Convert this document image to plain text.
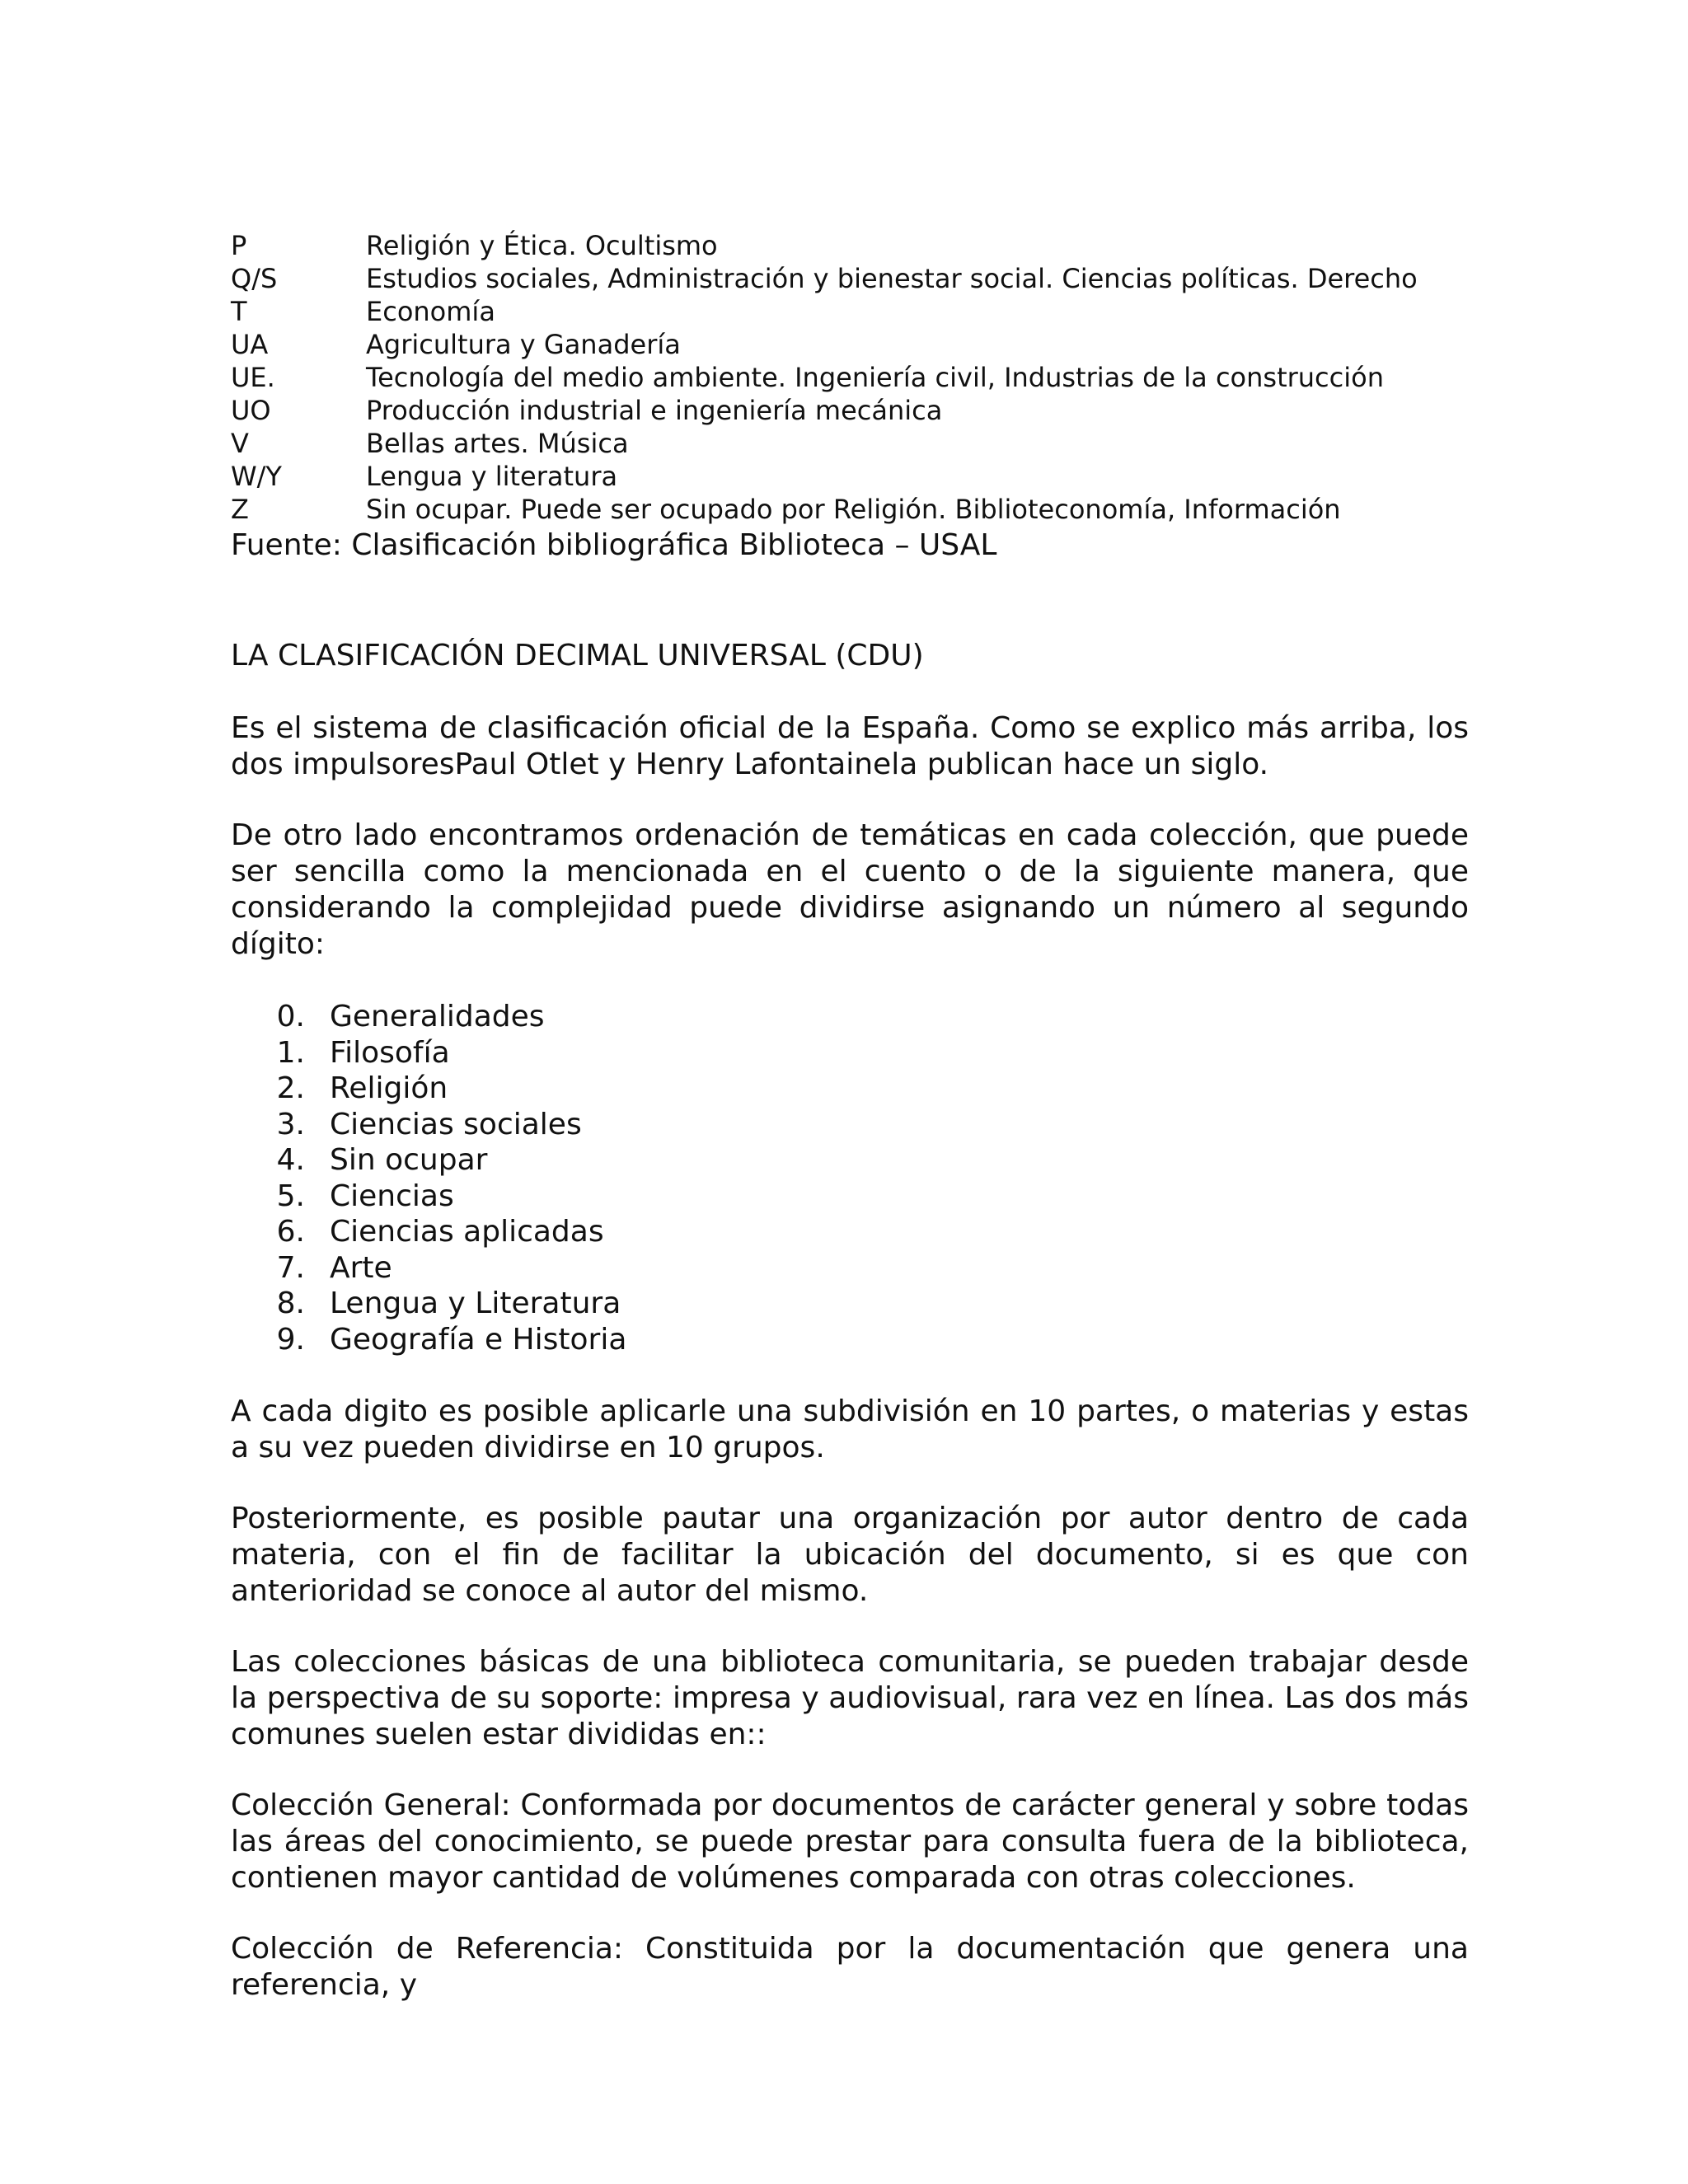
P	Religión y Ética. Ocultismo
Q/S	Estudios sociales, Administración y bienestar social. Ciencias políticas. Derecho
T	Economía
UA	Agricultura y Ganadería
UE.	Tecnología del medio ambiente. Ingeniería civil, Industrias de la construcción
UO	Producción industrial e ingeniería mecánica
V	Bellas artes. Música
W/Y	Lengua y literatura
Z	Sin ocupar. Puede ser ocupado por Religión. Biblioteconomía, Información
Fuente: Clasificación bibliográfica Biblioteca – USAL
LA CLASIFICACIÓN DECIMAL UNIVERSAL (CDU)

Es el sistema de clasificación oficial de la España. Como se explico más arriba, los dos impulsoresPaul Otlet y Henry Lafontainela publican hace un siglo.

De otro lado encontramos ordenación de temáticas en cada colección, que puede ser sencilla como la mencionada en el cuento o de la siguiente manera, que considerando la complejidad puede dividirse asignando un número al segundo dígito:

0. Generalidades
1. Filosofía
2. Religión
3. Ciencias sociales
4. Sin ocupar
5. Ciencias
6. Ciencias aplicadas
7. Arte
8. Lengua y Literatura
9. Geografía e Historia

A cada digito es posible aplicarle una subdivisión en 10 partes, o materias y estas a su vez pueden dividirse en 10 grupos.

Posteriormente, es posible pautar una organización por autor dentro de cada materia, con el fin de facilitar la ubicación del documento, si es que con anterioridad se conoce al autor del mismo.

Las colecciones básicas de una biblioteca comunitaria, se pueden trabajar desde la perspectiva de su soporte: impresa y audiovisual, rara vez en línea. Las dos más comunes suelen estar divididas en::

Colección General: Conformada por documentos de carácter general y sobre todas las áreas del conocimiento, se puede prestar para consulta fuera de la biblioteca, contienen mayor cantidad de volúmenes comparada con otras colecciones.

Colección de Referencia: Constituida por la documentación que genera una referencia, y
